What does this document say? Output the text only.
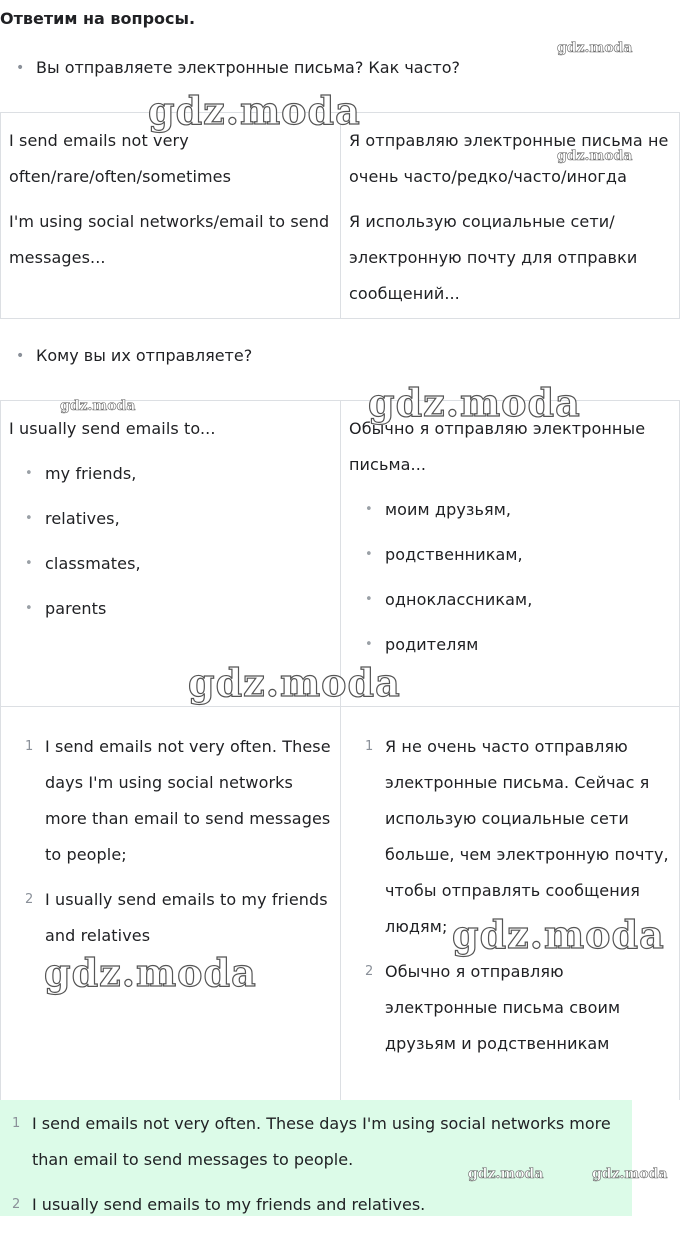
Ответим на вопросы.
• Вы отправляете электронные письма? Как часто?

I send emails not very often/rare/often/sometimes

I'm using social networks/email to send messages...

Я отправляю электронные письма не очень часто/редко/часто/иногда

Я использую социальные сети/ электронную почту для отправки сообщений...

• Кому вы их отправляете?

I usually send emails to...

• my friends,
• relatives,
• classmates,
• parents

Обычно я отправляю электронные письма...

• моим друзьям,
• родственникам,
• одноклассникам,
• родителям
1 I send emails not very often. These days I'm using social networks more than email to send messages to people;
2 I usually send emails to my friends and relatives
1 Я не очень часто отправляю электронные письма. Сейчас я использую социальные сети больше, чем электронную почту, чтобы отправлять сообщения людям;
2 Обычно я отправляю электронные письма своим друзьям и родственникам
1 I send emails not very often. These days I'm using social networks more than email to send messages to people.
2 I usually send emails to my friends and relatives.
gdz.moda
gdz.moda
gdz.moda
gdz.moda	gdz.moda
gdz.moda
gdz.moda
gdz.moda
gdz.moda	gdz.moda
